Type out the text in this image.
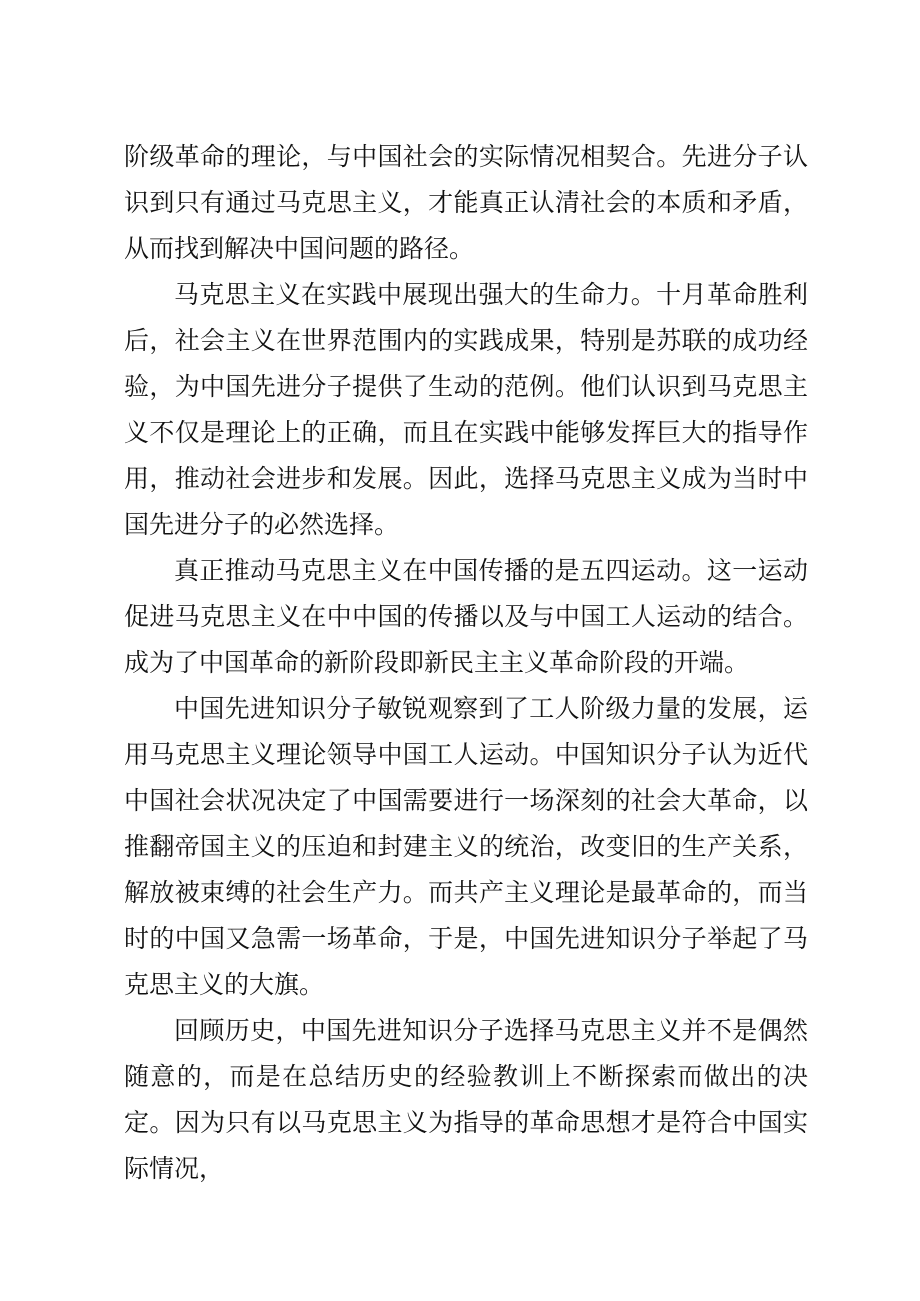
阶级革命的理论，与中国社会的实际情况相契合。先进分子认识到只有通过马克思主义，才能真正认清社会的本质和矛盾，从而找到解决中国问题的路径。

马克思主义在实践中展现出强大的生命力。十月革命胜利后，社会主义在世界范围内的实践成果，特别是苏联的成功经验，为中国先进分子提供了生动的范例。他们认识到马克思主义不仅是理论上的正确，而且在实践中能够发挥巨大的指导作用，推动社会进步和发展。因此，选择马克思主义成为当时中国先进分子的必然选择。

真正推动马克思主义在中国传播的是五四运动。这一运动促进马克思主义在中中国的传播以及与中国工人运动的结合。成为了中国革命的新阶段即新民主主义革命阶段的开端。

中国先进知识分子敏锐观察到了工人阶级力量的发展，运用马克思主义理论领导中国工人运动。中国知识分子认为近代中国社会状况决定了中国需要进行一场深刻的社会大革命，以推翻帝国主义的压迫和封建主义的统治，改变旧的生产关系，解放被束缚的社会生产力。而共产主义理论是最革命的，而当时的中国又急需一场革命，于是，中国先进知识分子举起了马克思主义的大旗。

回顾历史，中国先进知识分子选择马克思主义并不是偶然随意的，而是在总结历史的经验教训上不断探索而做出的决定。因为只有以马克思主义为指导的革命思想才是符合中国实际情况，
